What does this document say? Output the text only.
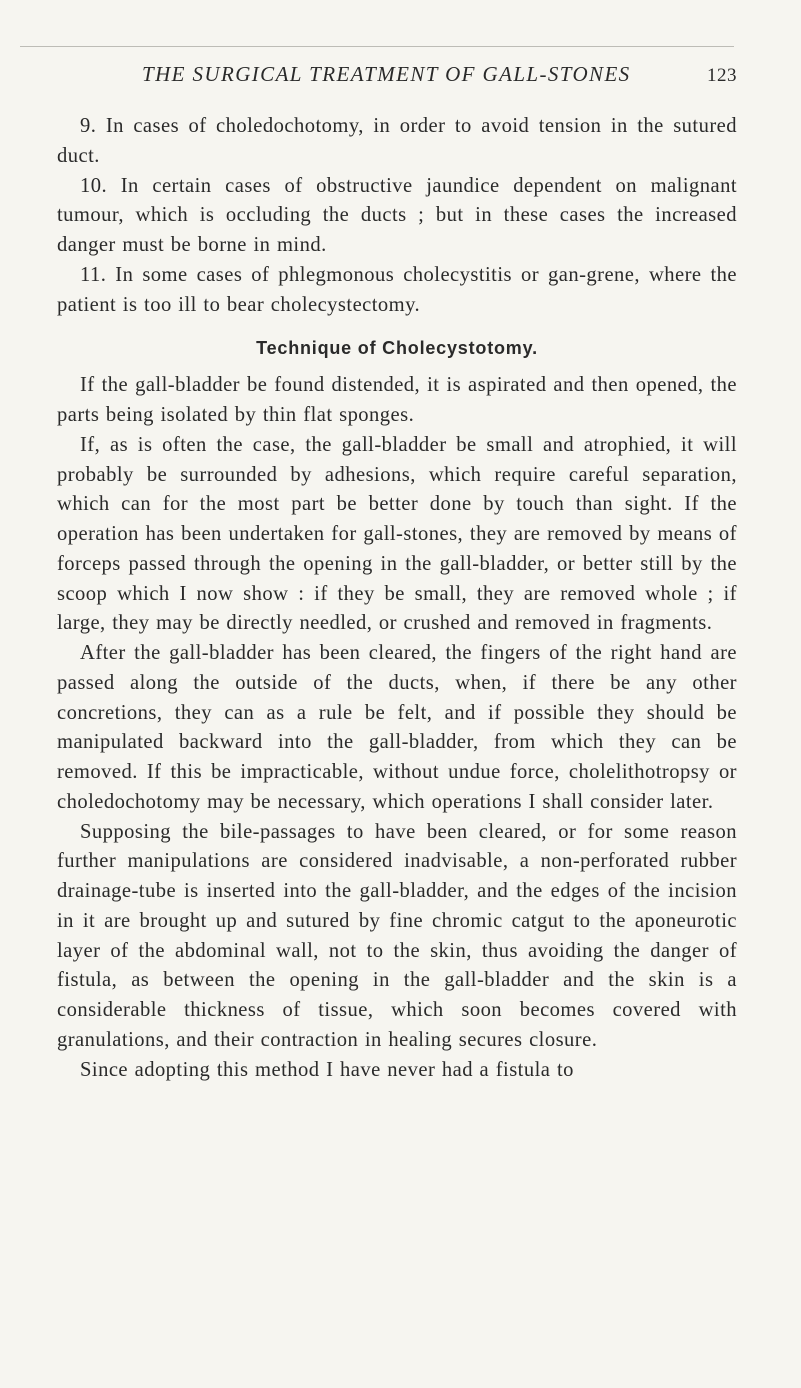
THE SURGICAL TREATMENT OF GALL-STONES	123

9. In cases of choledochotomy, in order to avoid tension in the sutured duct.

10. In certain cases of obstructive jaundice dependent on malignant tumour, which is occluding the ducts ; but in these cases the increased danger must be borne in mind.

11. In some cases of phlegmonous cholecystitis or gan-grene, where the patient is too ill to bear cholecystectomy.

Technique of Cholecystotomy.

If the gall-bladder be found distended, it is aspirated and then opened, the parts being isolated by thin flat sponges.

If, as is often the case, the gall-bladder be small and atrophied, it will probably be surrounded by adhesions, which require careful separation, which can for the most part be better done by touch than sight. If the operation has been undertaken for gall-stones, they are removed by means of forceps passed through the opening in the gall-bladder, or better still by the scoop which I now show : if they be small, they are removed whole ; if large, they may be directly needled, or crushed and removed in fragments.

After the gall-bladder has been cleared, the fingers of the right hand are passed along the outside of the ducts, when, if there be any other concretions, they can as a rule be felt, and if possible they should be manipulated backward into the gall-bladder, from which they can be removed. If this be impracticable, without undue force, cholelithotropsy or choledochotomy may be necessary, which operations I shall consider later.

Supposing the bile-passages to have been cleared, or for some reason further manipulations are considered inadvisable, a non-perforated rubber drainage-tube is inserted into the gall-bladder, and the edges of the incision in it are brought up and sutured by fine chromic catgut to the aponeurotic layer of the abdominal wall, not to the skin, thus avoiding the danger of fistula, as between the opening in the gall-bladder and the skin is a considerable thickness of tissue, which soon becomes covered with granulations, and their contraction in healing secures closure.

Since adopting this method I have never had a fistula to
